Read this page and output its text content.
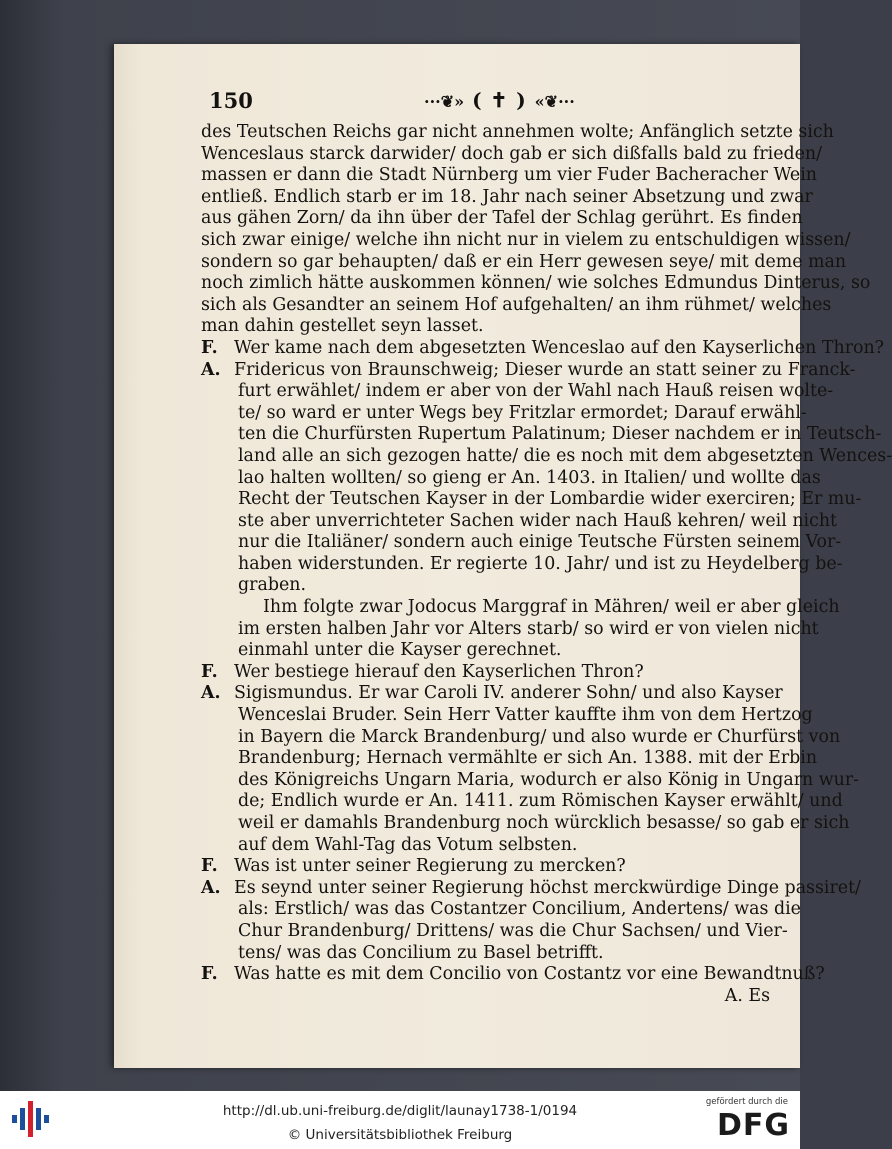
150	···❦» ( ✝ ) «❦···
des Teutschen Reichs gar nicht annehmen wolte; Anfänglich setzte sich
Wenceslaus starck darwider/ doch gab er sich dißfalls bald zu frieden/
massen er dann die Stadt Nürnberg um vier Fuder Bacheracher Wein
entließ. Endlich starb er im 18. Jahr nach seiner Absetzung und zwar
aus gähen Zorn/ da ihn über der Tafel der Schlag gerührt. Es finden
sich zwar einige/ welche ihn nicht nur in vielem zu entschuldigen wissen/
sondern so gar behaupten/ daß er ein Herr gewesen seye/ mit deme man
noch zimlich hätte auskommen können/ wie solches Edmundus Dinterus, so
sich als Gesandter an seinem Hof aufgehalten/ an ihm rühmet/ welches
man dahin gestellet seyn lasset.
F. Wer kame nach dem abgesetzten Wenceslao auf den Kayserlichen Thron?
A. Fridericus von Braunschweig; Dieser wurde an statt seiner zu Franck-
furt erwählet/ indem er aber von der Wahl nach Hauß reisen wolte-
te/ so ward er unter Wegs bey Fritzlar ermordet; Darauf erwähl-
ten die Churfürsten Rupertum Palatinum; Dieser nachdem er in Teutsch-
land alle an sich gezogen hatte/ die es noch mit dem abgesetzten Wences-
lao halten wollten/ so gieng er An. 1403. in Italien/ und wollte das
Recht der Teutschen Kayser in der Lombardie wider exerciren; Er mu-
ste aber unverrichteter Sachen wider nach Hauß kehren/ weil nicht
nur die Italiäner/ sondern auch einige Teutsche Fürsten seinem Vor-
haben widerstunden. Er regierte 10. Jahr/ und ist zu Heydelberg be-
graben.
Ihm folgte zwar Jodocus Marggraf in Mähren/ weil er aber gleich
im ersten halben Jahr vor Alters starb/ so wird er von vielen nicht
einmahl unter die Kayser gerechnet.
F. Wer bestiege hierauf den Kayserlichen Thron?
A. Sigismundus. Er war Caroli IV. anderer Sohn/ und also Kayser
Wenceslai Bruder. Sein Herr Vatter kauffte ihm von dem Hertzog
in Bayern die Marck Brandenburg/ und also wurde er Churfürst von
Brandenburg; Hernach vermählte er sich An. 1388. mit der Erbin
des Königreichs Ungarn Maria, wodurch er also König in Ungarn wur-
de; Endlich wurde er An. 1411. zum Römischen Kayser erwählt/ und
weil er damahls Brandenburg noch würcklich besasse/ so gab er sich
auf dem Wahl-Tag das Votum selbsten.
F. Was ist unter seiner Regierung zu mercken?
A. Es seynd unter seiner Regierung höchst merckwürdige Dinge passiret/
als: Erstlich/ was das Costantzer Concilium, Andertens/ was die
Chur Brandenburg/ Drittens/ was die Chur Sachsen/ und Vier-
tens/ was das Concilium zu Basel betrifft.
F. Was hatte es mit dem Concilio von Costantz vor eine Bewandtnuß?
A. Es
http://dl.ub.uni-freiburg.de/diglit/launay1738-1/0194
© Universitätsbibliothek Freiburg
gefördert durch die
DFG
